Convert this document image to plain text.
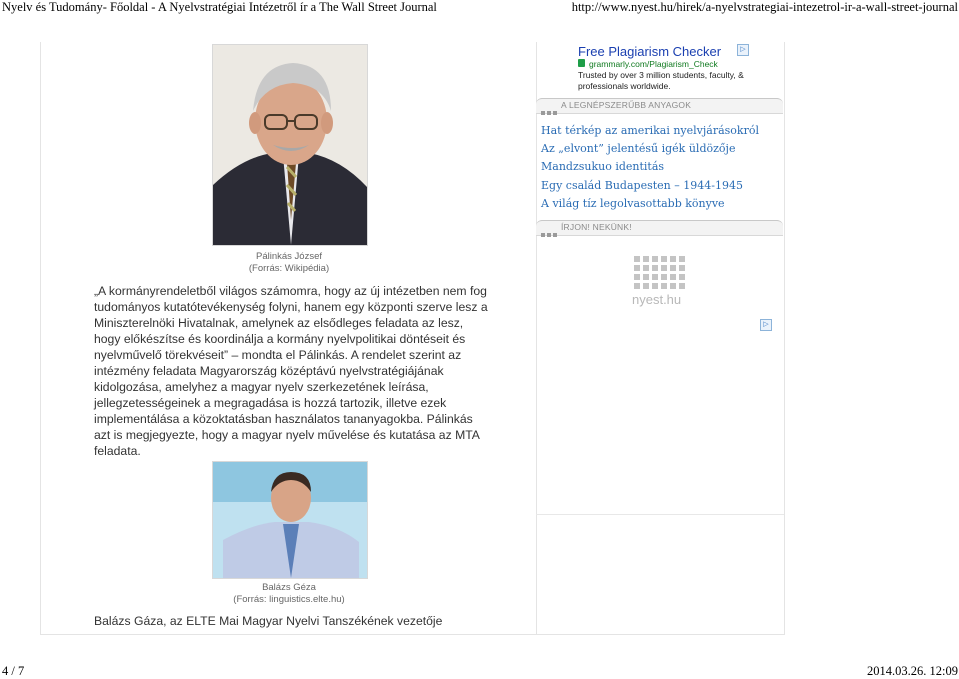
Nyelv és Tudomány- Főoldal - A Nyelvstratégiai Intézetről ír a The Wall Street Journal	http://www.nyest.hu/hirek/a-nyelvstrategiai-intezetrol-ir-a-wall-street-journal
Pálinkás József
(Forrás: Wikipédia)

„A kormányrendeletből világos számomra, hogy az új intézetben nem fog tudományos kutatótevékenység folyni, hanem egy központi szerve lesz a Miniszterelnöki Hivatalnak, amelynek az elsődleges feladata az lesz, hogy előkészítse és koordinálja a kormány nyelvpolitikai döntéseit és nyelvművelő törekvéseit” – mondta el Pálinkás. A rendelet szerint az intézmény feladata Magyarország középtávú nyelvstratégiájának kidolgozása, amelyhez a magyar nyelv szerkezetének leírása, jellegzetességeinek a megragadása is hozzá tartozik, illetve ezek implementálása a közoktatásban használatos tananyagokba. Pálinkás azt is megjegyezte, hogy a magyar nyelv művelése és kutatása az MTA feladata.

Balázs Géza
(Forrás: linguistics.elte.hu)
Balázs Gáza, az ELTE Mai Magyar Nyelvi Tanszékének vezetője
Free Plagiarism Checker	▷
grammarly.com/Plagiarism_Check
Trusted by over 3 million students, faculty, & professionals worldwide.
A LEGNÉPSZERŰBB ANYAGOK
Hat térkép az amerikai nyelvjárásokról
Az „elvont” jelentésű igék üldözője
Mandzsukuo identitás
Egy család Budapesten – 1944-1945
A világ tíz legolvasottabb könyve
ÍRJON! NEKÜNK!
nyest.hu
▷
4 / 7	2014.03.26. 12:09
